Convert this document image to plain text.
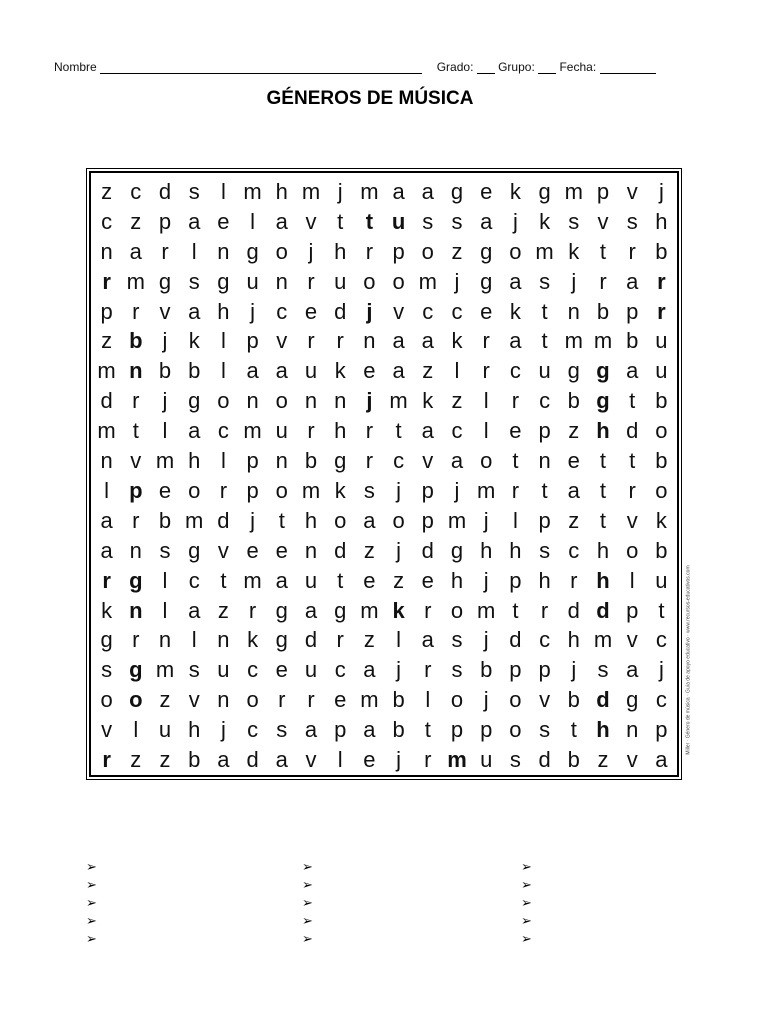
Nombre	Grado: Grupo: Fecha:
GÉNEROS DE MÚSICA
z c d s l m h m j m a a g e k g m p v j
c z p a e l a v t	t u s s a j k s v s h
n a r	l n g o j h r p o z g o m k t	r b
r m g s g u n r u o o m j g a s j	r a r
p r v a h j c e d j v c c e k t n b p r
z b j k l p v r r n a a k r a t m m b u
m n b b l a a u k e a z l	r c u g g a u
d r	j g o n o n n j m k z l	r c b g t b
m t	l a c m u r h r	t a c l e p z h d o
n v m h l p n b g r c v a o t n e t	t b
l p e o r p o m k s j p j m r	t a t	r o
a r b m d j	t h o a o p m j	l p z t v k
a n s g v e e n d z j d g h h s c h o b
r g l c t m a u t e z e h j p h r h l u
k n l a z r g a g m k r o m t	r d d p t
g r n l n k g d r z l a s j d c h m v c
s g m s u c e u c a j	r s b p p j s a j
o o z v n o r r e m b l o j o v b d g c
v l u h j c s a p a b t p p o s t h n p
r z z b a d a v l e j	r m u s d b z v a
Miller · Género de música · Guía de apoyo educativo · www.recursos-educativos.com
➢
➢
➢
➢
➢
➢
➢
➢
➢
➢
➢
➢
➢
➢
➢
